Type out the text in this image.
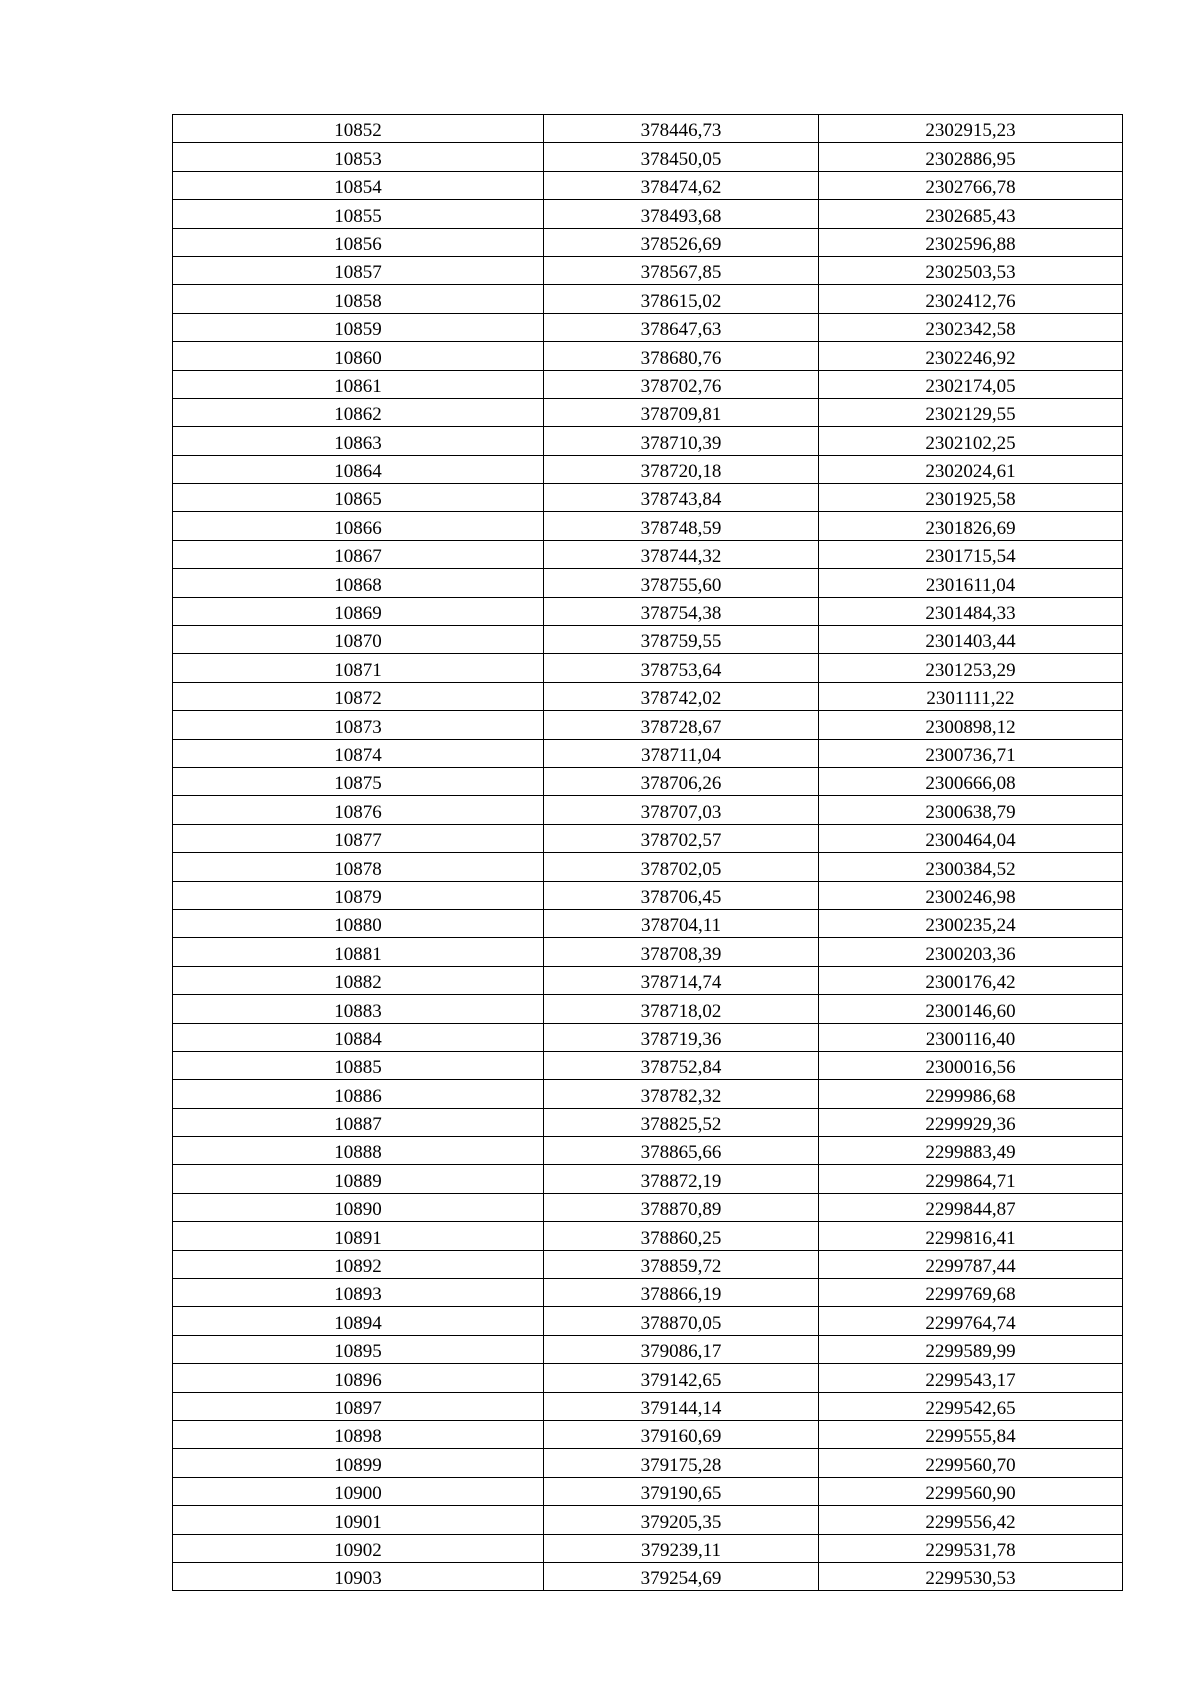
10852	378446,73	2302915,23
10853	378450,05	2302886,95
10854	378474,62	2302766,78
10855	378493,68	2302685,43
10856	378526,69	2302596,88
10857	378567,85	2302503,53
10858	378615,02	2302412,76
10859	378647,63	2302342,58
10860	378680,76	2302246,92
10861	378702,76	2302174,05
10862	378709,81	2302129,55
10863	378710,39	2302102,25
10864	378720,18	2302024,61
10865	378743,84	2301925,58
10866	378748,59	2301826,69
10867	378744,32	2301715,54
10868	378755,60	2301611,04
10869	378754,38	2301484,33
10870	378759,55	2301403,44
10871	378753,64	2301253,29
10872	378742,02	2301111,22
10873	378728,67	2300898,12
10874	378711,04	2300736,71
10875	378706,26	2300666,08
10876	378707,03	2300638,79
10877	378702,57	2300464,04
10878	378702,05	2300384,52
10879	378706,45	2300246,98
10880	378704,11	2300235,24
10881	378708,39	2300203,36
10882	378714,74	2300176,42
10883	378718,02	2300146,60
10884	378719,36	2300116,40
10885	378752,84	2300016,56
10886	378782,32	2299986,68
10887	378825,52	2299929,36
10888	378865,66	2299883,49
10889	378872,19	2299864,71
10890	378870,89	2299844,87
10891	378860,25	2299816,41
10892	378859,72	2299787,44
10893	378866,19	2299769,68
10894	378870,05	2299764,74
10895	379086,17	2299589,99
10896	379142,65	2299543,17
10897	379144,14	2299542,65
10898	379160,69	2299555,84
10899	379175,28	2299560,70
10900	379190,65	2299560,90
10901	379205,35	2299556,42
10902	379239,11	2299531,78
10903	379254,69	2299530,53
